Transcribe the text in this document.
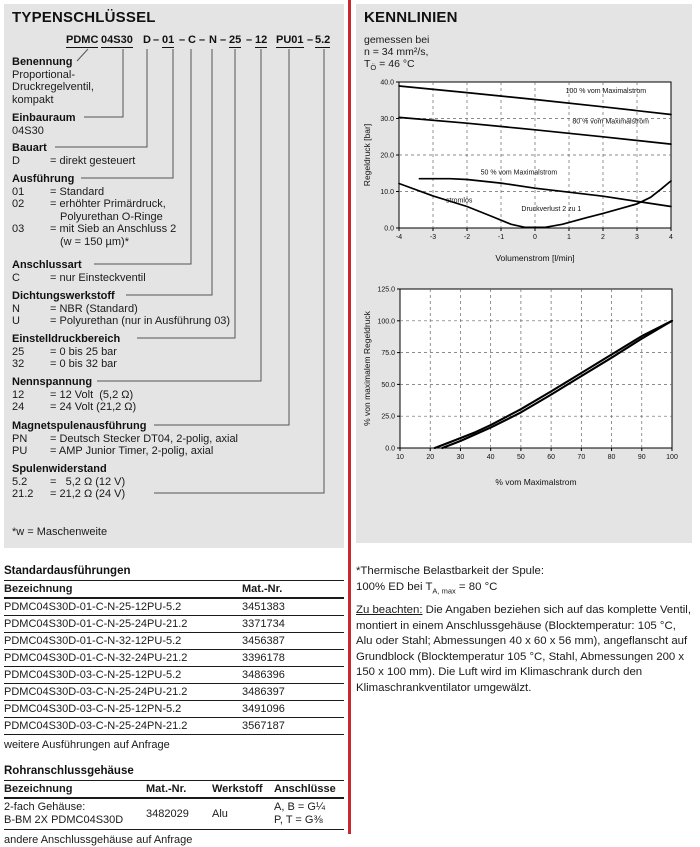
TYPENSCHLÜSSEL
PDMC 04S30 D – 01 – C – N – 25 – 12 PU01 – 5.2
Benennung
Proportional-
Druckregelventil,
kompakt
Einbauraum
04S30
Bauart
D	= direkt gesteuert
Ausführung
01 = Standard
02 = erhöhter Primärdruck,
Polyurethan O-Ringe
03 = mit Sieb an Anschluss 2
(w = 150 µm)*
Anschlussart
C	= nur Einsteckventil
Dichtungswerkstoff
N	= NBR (Standard)
U	= Polyurethan (nur in Ausführung 03)
Einstelldruckbereich
25 = 0 bis 25 bar
32 = 0 bis 32 bar
Nennspannung
12 = 12 Volt  (5,2 Ω)
24 = 24 Volt (21,2 Ω)
Magnetspulenausführung
PN = Deutsch Stecker DT04, 2-polig, axial
PU = AMP Junior Timer, 2-polig, axial
Spulenwiderstand
5.2 =   5,2 Ω (12 V)
21.2 = 21,2 Ω (24 V)
*w = Maschenweite
KENNLINIEN
gemessen bei
n = 34 mm²/s,
$T_Ö = 46$ °C
-4	-3	-2	-1	0	1	2	3	4
0.0
10.0
20.0
30.0
40.0
100 % vom Maximalstrom
80 % vom Maximalstrom
50 % vom Maximalstrom
stromlos
Druckverlust 2 zu 1
Volumenstrom [l/min]
Regeldruck [bar]
10	20	30	40	50	60	70	80	90	100
0.0
25.0
50.0
75.0
100.0
125.0
% vom Maximalstrom
% von maximalem Regeldruck
Standardausführungen
Bezeichnung	Mat.-Nr.
PDMC04S30D-01-C-N-25-12PU-5.2	3451383
PDMC04S30D-01-C-N-25-24PU-21.2	3371734
PDMC04S30D-01-C-N-32-12PU-5.2	3456387
PDMC04S30D-01-C-N-32-24PU-21.2	3396178
PDMC04S30D-03-C-N-25-12PU-5.2	3486396
PDMC04S30D-03-C-N-25-24PU-21.2	3486397
PDMC04S30D-03-C-N-25-12PN-5.2	3491096
PDMC04S30D-03-C-N-25-24PN-21.2	3567187
weitere Ausführungen auf Anfrage
Rohranschlussgehäuse
Bezeichnung	Mat.-Nr.	Werkstoff	Anschlüsse
2-fach Gehäuse:
B-BM 2X PDMC04S30D	3482029	Alu
A, B = G¼
P, T = G⅜
andere Anschlussgehäuse auf Anfrage
*Thermische Belastbarkeit der Spule:
100% ED bei $T_{A, max} = 80$ °C
Zu beachten: Die Angaben beziehen sich auf das komplette Ventil, montiert in einem Anschlussgehäuse (Blocktemperatur: 105 °C, Alu oder Stahl; Abmessungen 40 x 60 x 56 mm), angeflanscht auf Grundblock (Blocktemperatur 105 °C, Stahl, Abmessungen 200 x 150 x 100 mm). Die Luft wird im Klimaschrank durch den Klimaschrankventilator umgewälzt.
